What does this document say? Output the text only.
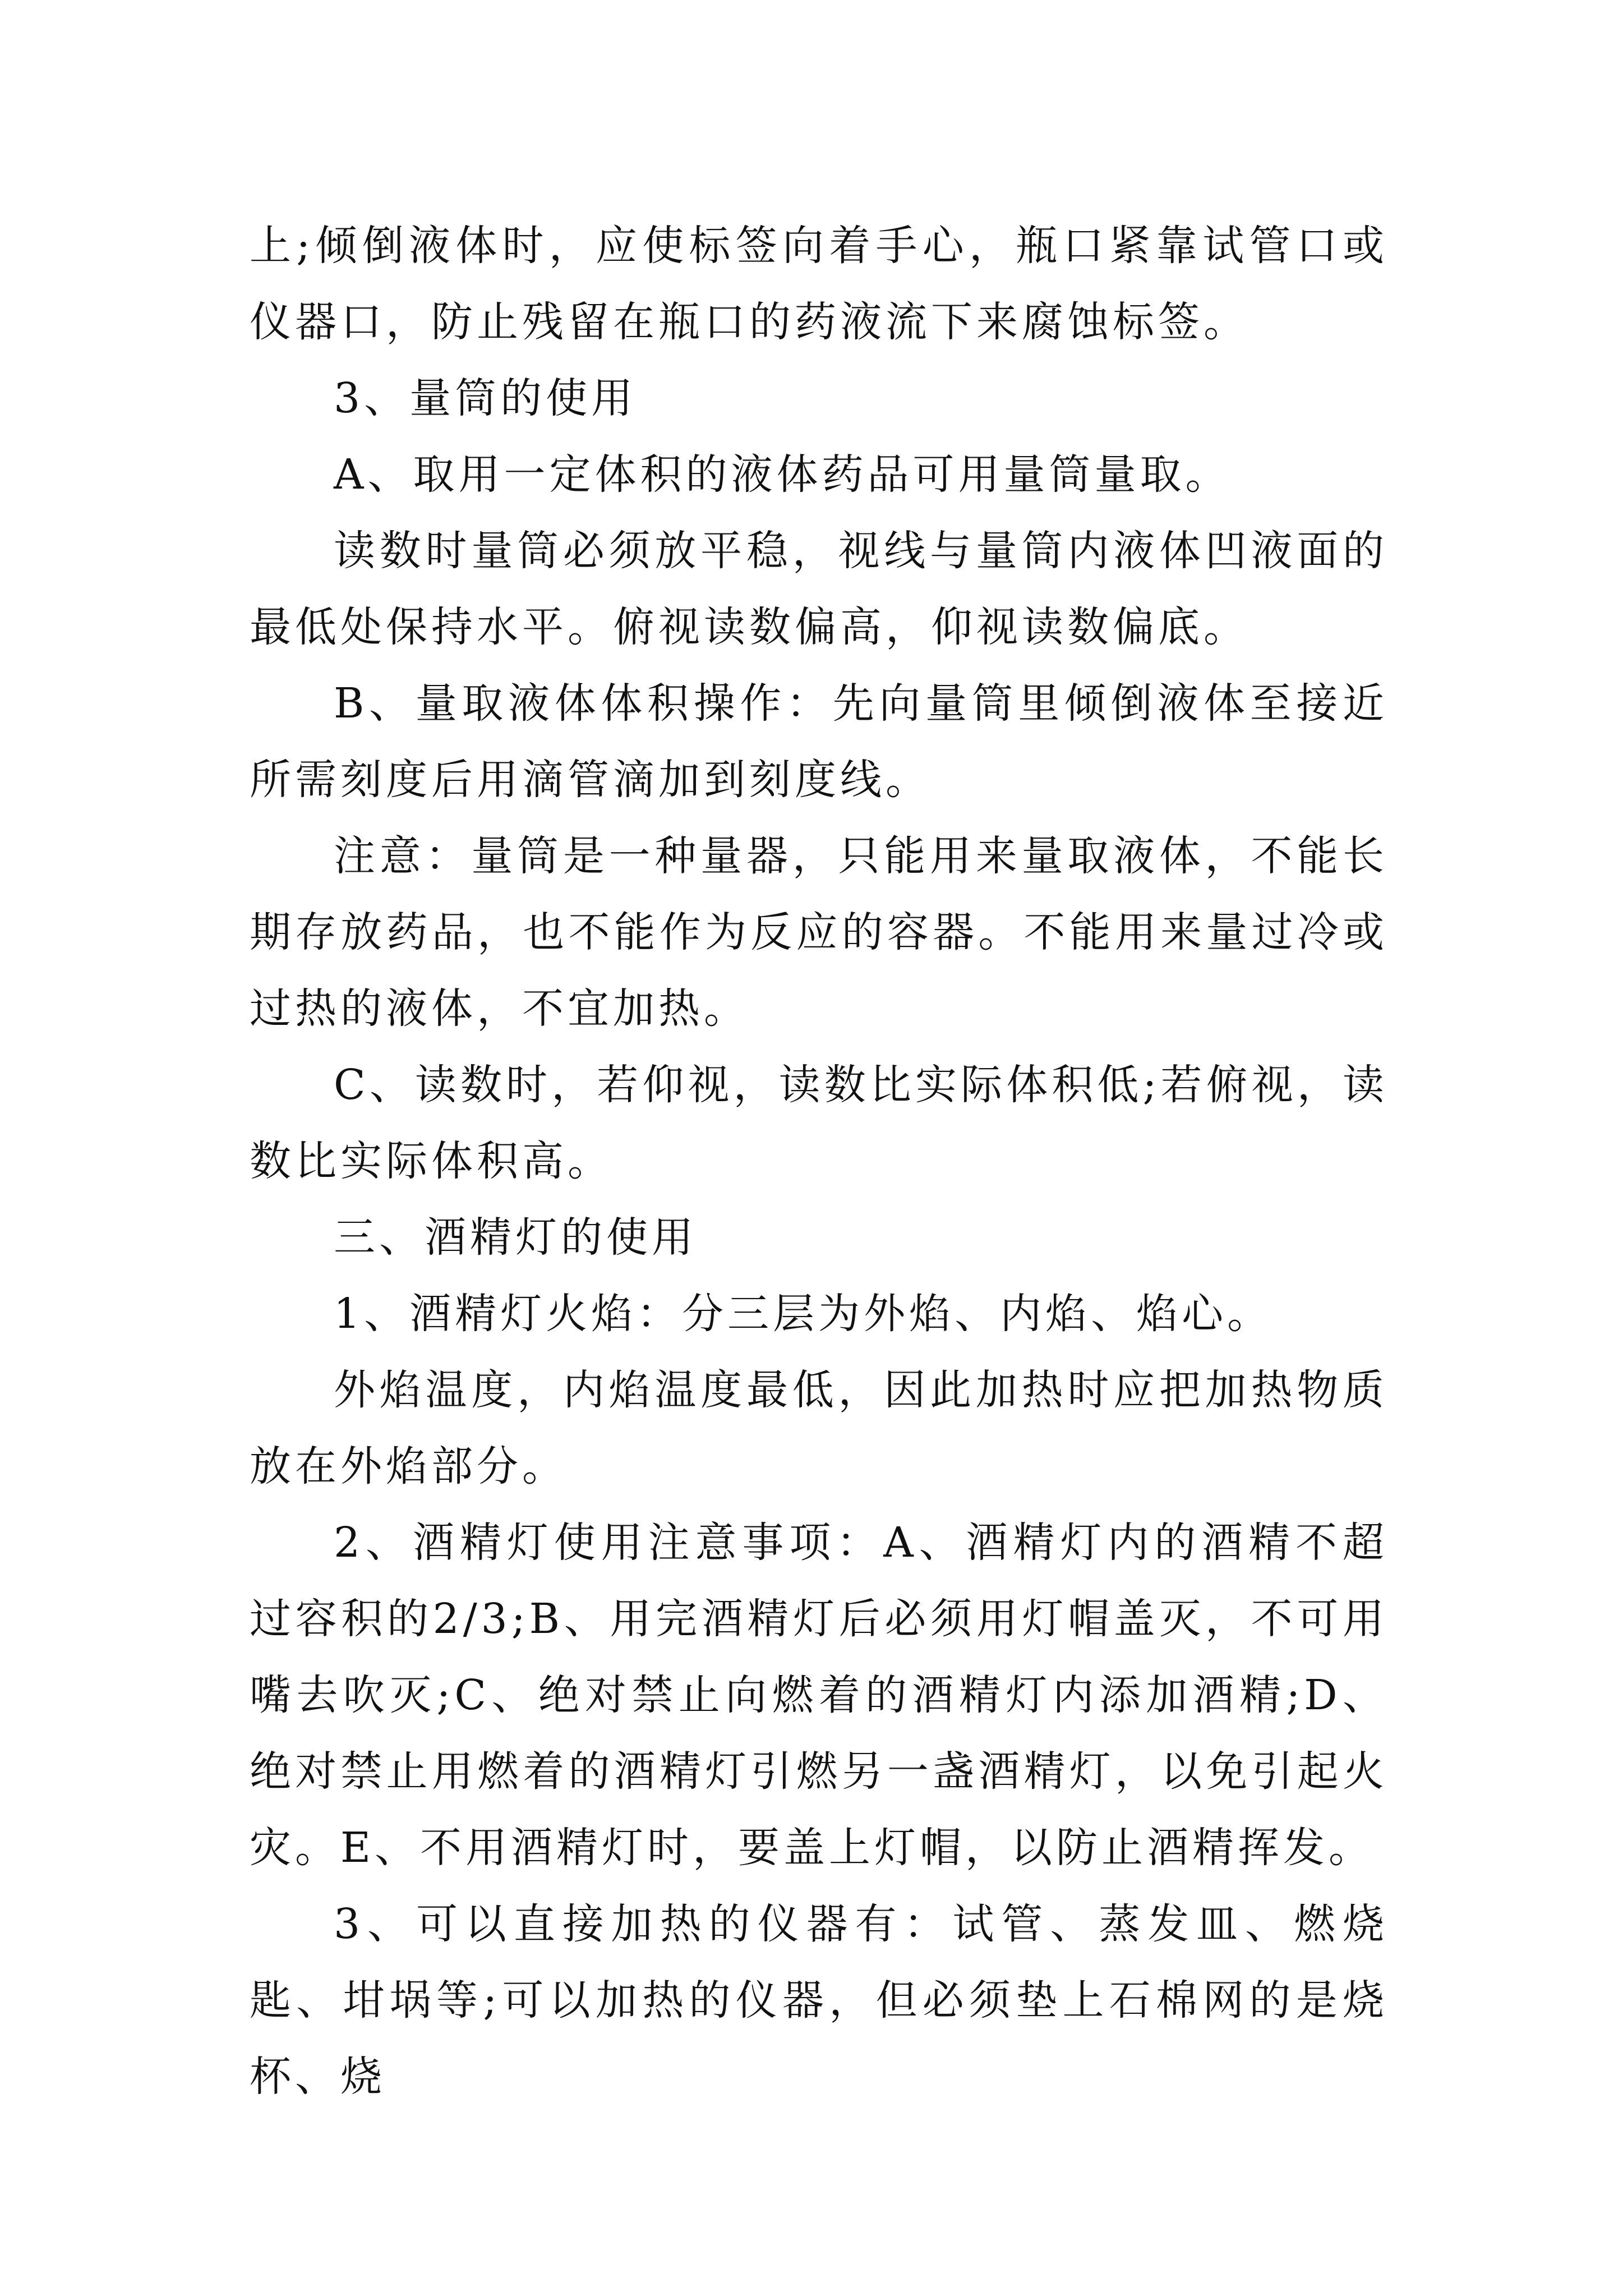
上;倾倒液体时，应使标签向着手心，瓶口紧靠试管口或仪器口，防止残留在瓶口的药液流下来腐蚀标签。

3、量筒的使用

A、取用一定体积的液体药品可用量筒量取。

读数时量筒必须放平稳，视线与量筒内液体凹液面的最低处保持水平。俯视读数偏高，仰视读数偏底。

B、量取液体体积操作：先向量筒里倾倒液体至接近所需刻度后用滴管滴加到刻度线。

注意：量筒是一种量器，只能用来量取液体，不能长期存放药品，也不能作为反应的容器。不能用来量过冷或过热的液体，不宜加热。

C、读数时，若仰视，读数比实际体积低;若俯视，读数比实际体积高。

三、酒精灯的使用

1、酒精灯火焰：分三层为外焰、内焰、焰心。

外焰温度，内焰温度最低，因此加热时应把加热物质放在外焰部分。

2、酒精灯使用注意事项：A、酒精灯内的酒精不超过容积的2/3;B、用完酒精灯后必须用灯帽盖灭，不可用嘴去吹灭;C、绝对禁止向燃着的酒精灯内添加酒精;D、绝对禁止用燃着的酒精灯引燃另一盏酒精灯，以免引起火灾。E、不用酒精灯时，要盖上灯帽，以防止酒精挥发。

3、可以直接加热的仪器有：试管、蒸发皿、燃烧匙、坩埚等;可以加热的仪器，但必须垫上石棉网的是烧杯、烧
